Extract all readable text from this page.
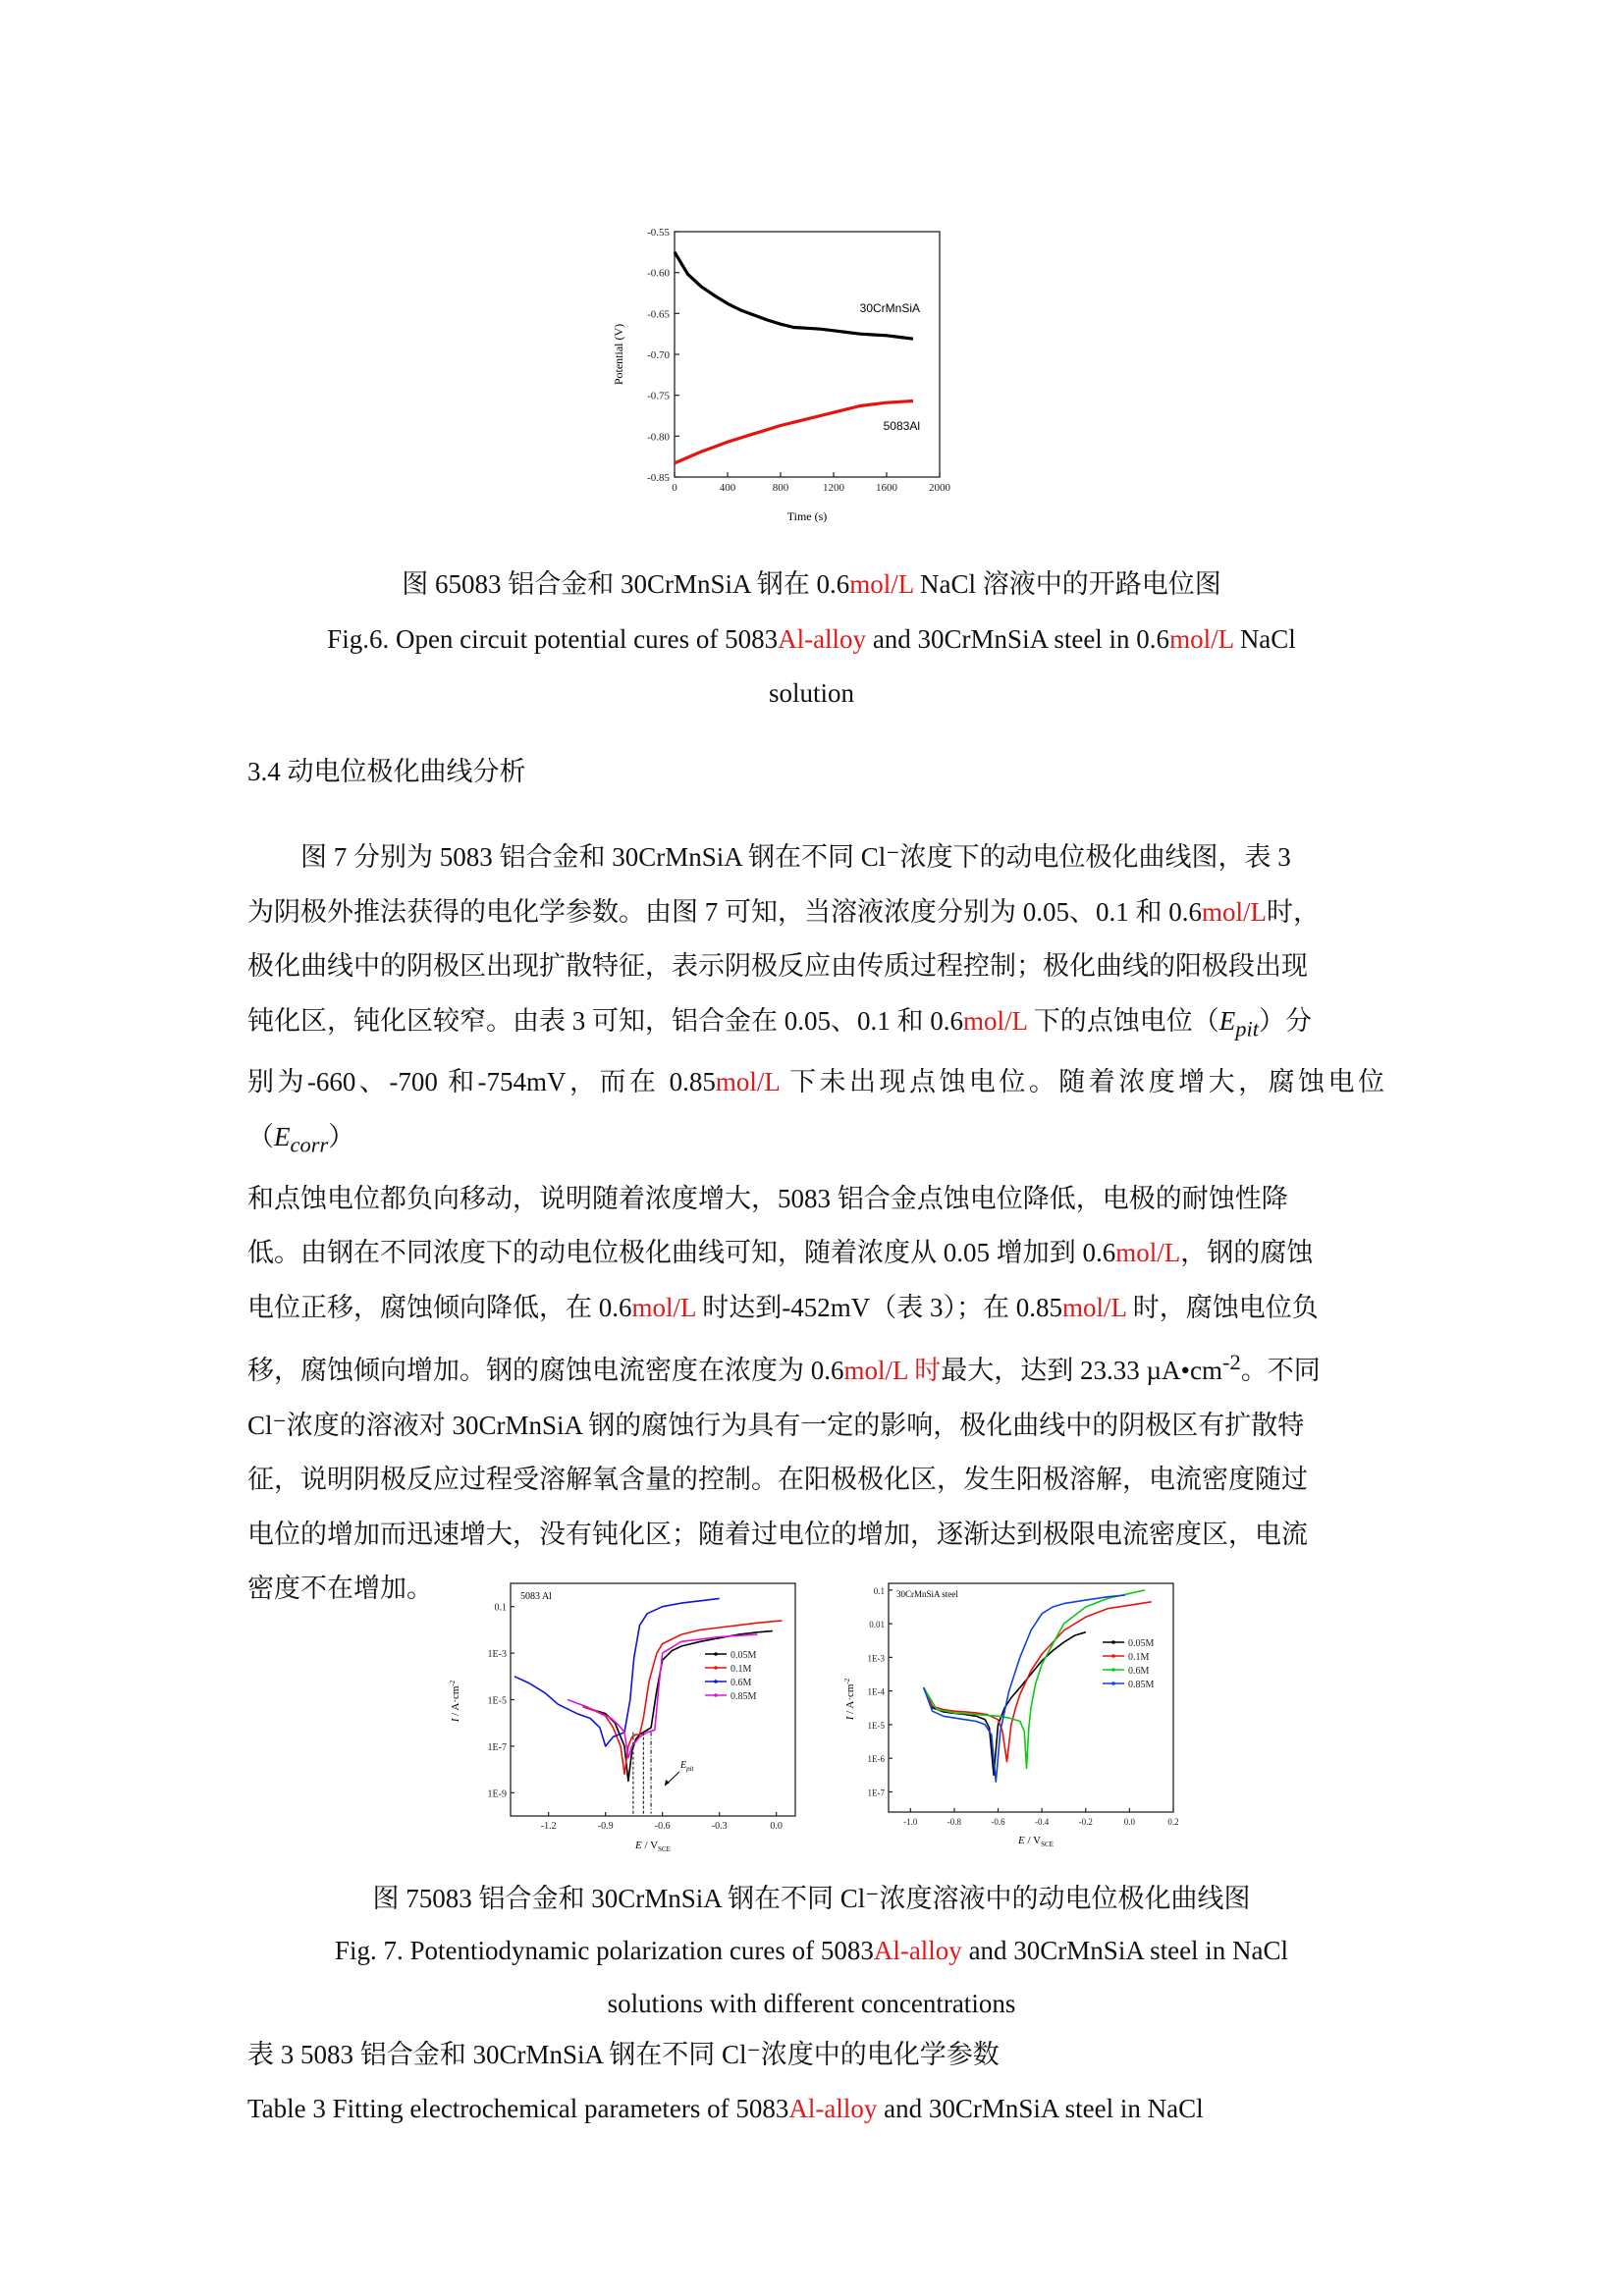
0	400	800	1200	1600	2000
-0.55
-0.60
-0.65
-0.70
-0.75
-0.80
-0.85
30CrMnSiA
5083Al
Time (s)
Potential (V)
图 65083 铝合金和 30CrMnSiA 钢在 0.6mol/L NaCl 溶液中的开路电位图
Fig.6. Open circuit potential cures of 5083Al-alloy and 30CrMnSiA steel in 0.6mol/L NaCl
solution
3.4 动电位极化曲线分析

图 7 分别为 5083 铝合金和 30CrMnSiA 钢在不同 Cl⁻浓度下的动电位极化曲线图，表 3

为阴极外推法获得的电化学参数。由图 7 可知，当溶液浓度分别为 0.05、0.1 和 0.6mol/L时，

极化曲线中的阴极区出现扩散特征，表示阴极反应由传质过程控制；极化曲线的阳极段出现

钝化区，钝化区较窄。由表 3 可知，铝合金在 0.05、0.1 和 0.6mol/L 下的点蚀电位$(E_{pit})$分

别为-660、-700 和-754mV，而在 0.85mol/L 下未出现点蚀电位。随着浓度增大，腐蚀电位$(E_{corr})$

和点蚀电位都负向移动，说明随着浓度增大，5083 铝合金点蚀电位降低，电极的耐蚀性降

低。由钢在不同浓度下的动电位极化曲线可知，随着浓度从 0.05 增加到 0.6mol/L，钢的腐蚀

电位正移，腐蚀倾向降低，在 0.6mol/L 时达到-452mV（表 3）；在 0.85mol/L 时，腐蚀电位负

移，腐蚀倾向增加。钢的腐蚀电流密度在浓度为 0.6mol/L 时最大，达到 23.33 $\mu A•cm^{-2}$。不同

Cl⁻浓度的溶液对 30CrMnSiA 钢的腐蚀行为具有一定的影响，极化曲线中的阴极区有扩散特

征，说明阴极反应过程受溶解氧含量的控制。在阳极极化区，发生阳极溶解，电流密度随过

电位的增加而迅速增大，没有钝化区；随着过电位的增加，逐渐达到极限电流密度区，电流

密度不在增加。

-1.2	-0.9	-0.6	-0.3	0.0
0.1
1E-3
1E-5
1E-7
1E-9
5083 Al
0.05M
0.1M
0.6M
0.85M
$E_{pit}$
E / $V_{SCE}$
$I / A\cdot cm^{-2}$
-1.0	-0.8	-0.6	-0.4	-0.2	0.0	0.2
0.1
0.01
1E-3
1E-4
1E-5
1E-6
1E-7
30CrMnSiA steel
0.05M
0.1M
0.6M
0.85M
E / $V_{SCE}$
$I / A\cdot cm^{-2}$
图 75083 铝合金和 30CrMnSiA 钢在不同 Cl⁻浓度溶液中的动电位极化曲线图
Fig. 7. Potentiodynamic polarization cures of 5083Al-alloy and 30CrMnSiA steel in NaCl
solutions with different concentrations
表 3 5083 铝合金和 30CrMnSiA 钢在不同 Cl⁻浓度中的电化学参数
Table 3 Fitting electrochemical parameters of 5083Al-alloy and 30CrMnSiA steel in NaCl
